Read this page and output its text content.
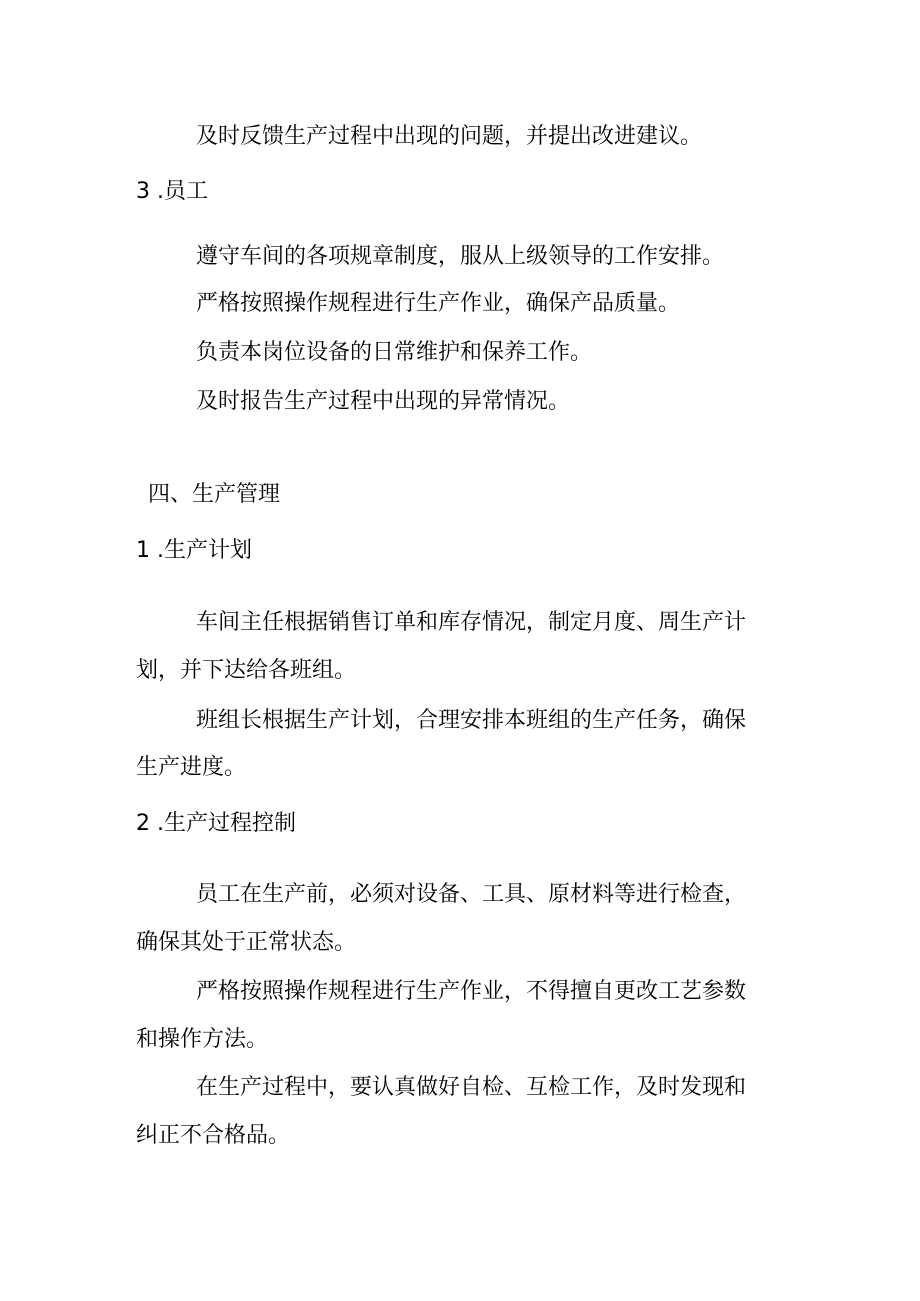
及时反馈生产过程中出现的问题，并提出改进建议。
3 .员工
遵守车间的各项规章制度，服从上级领导的工作安排。
严格按照操作规程进行生产作业，确保产品质量。
负责本岗位设备的日常维护和保养工作。
及时报告生产过程中出现的异常情况。
四、生产管理
1 .生产计划
车间主任根据销售订单和库存情况，制定月度、周生产计
划，并下达给各班组。
班组长根据生产计划，合理安排本班组的生产任务，确保
生产进度。
2 .生产过程控制
员工在生产前，必须对设备、工具、原材料等进行检查，
确保其处于正常状态。
严格按照操作规程进行生产作业，不得擅自更改工艺参数
和操作方法。
在生产过程中，要认真做好自检、互检工作，及时发现和
纠正不合格品。
